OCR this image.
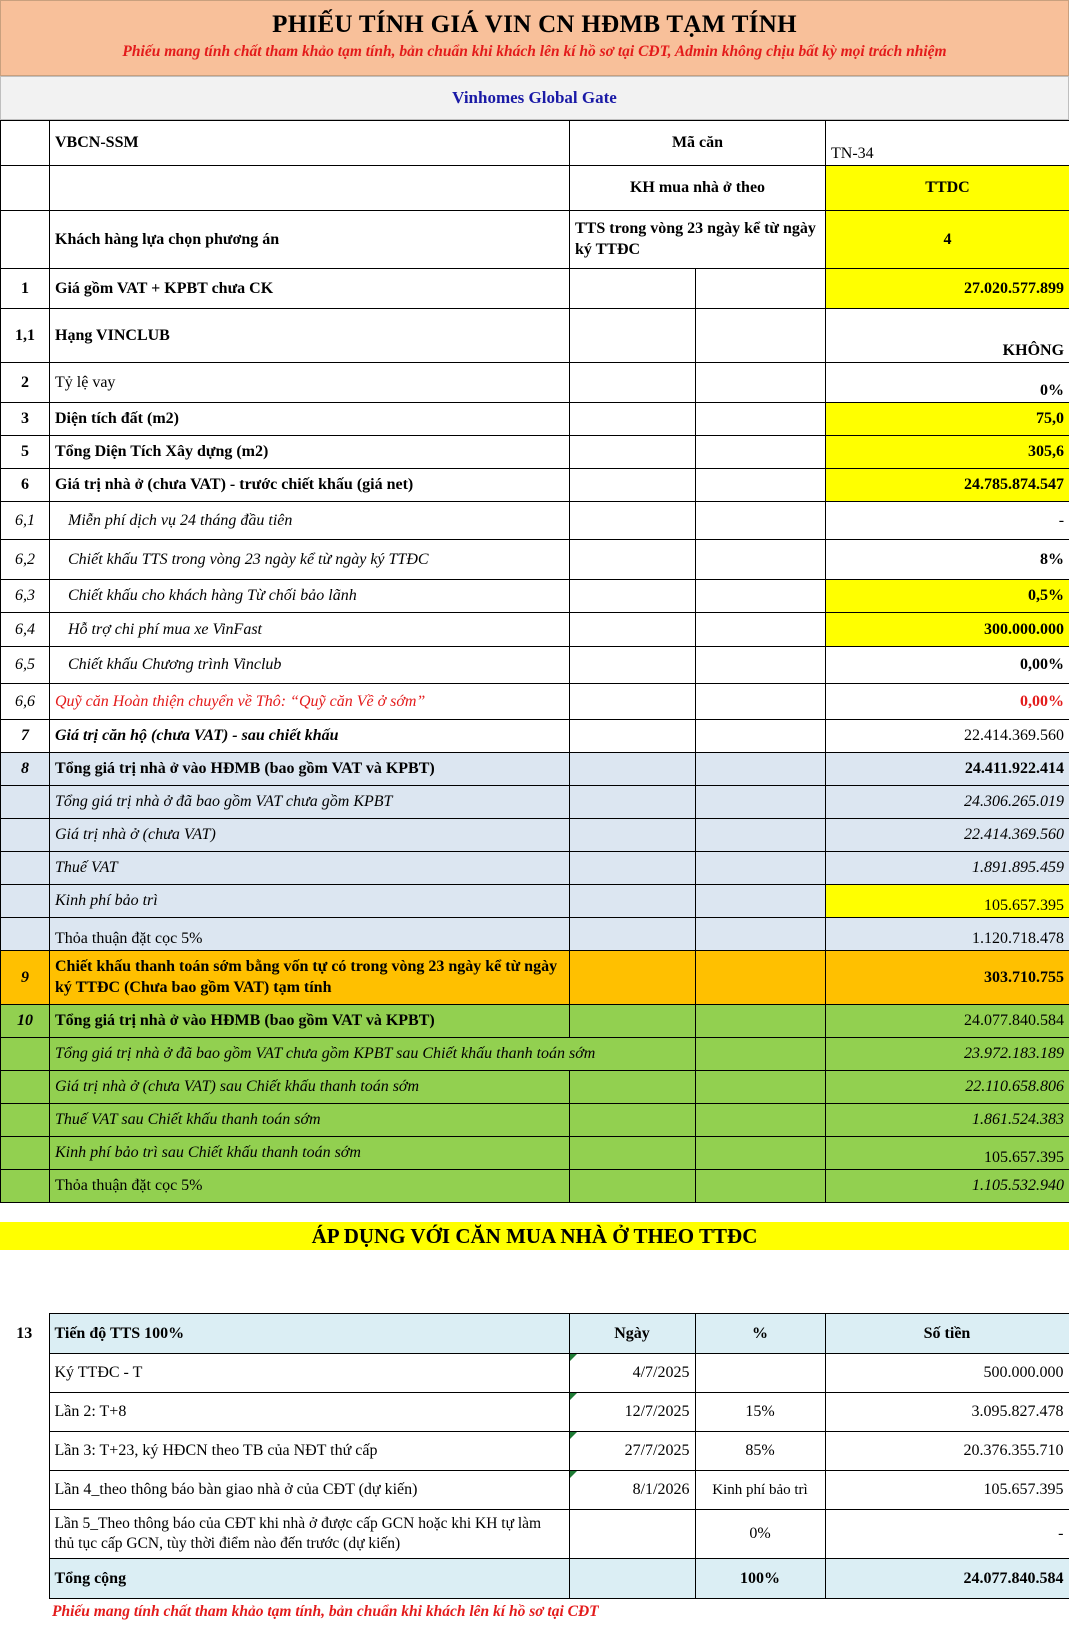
PHIẾU TÍNH GIÁ VIN CN HĐMB TẠM TÍNH
Phiếu mang tính chất tham khảo tạm tính, bản chuẩn khi khách lên kí hồ sơ tại CĐT, Admin không chịu bất kỳ mọi trách nhiệm
Vinhomes Global Gate
	VBCN-SSM	Mã căn		TN-34
		KH mua nhà ở theo		TTDC
	Khách hàng lựa chọn phương án	TTS trong vòng 23 ngày kể từ ngày ký TTĐC		4
1	Giá gồm VAT + KPBT chưa CK			27.020.577.899
1,1	Hạng VINCLUB			KHÔNG
2	Tỷ lệ vay			0%
3	Diện tích đất (m2)			75,0
5	Tổng Diện Tích Xây dựng (m2)			305,6
6	Giá trị nhà ở (chưa VAT) - trước chiết khấu (giá net)			24.785.874.547
6,1	Miễn phí dịch vụ 24 tháng đầu tiên			-
6,2	Chiết khấu TTS trong vòng 23 ngày kể từ ngày ký TTĐC			8%
6,3	Chiết khấu cho khách hàng Từ chối bảo lãnh			0,5%
6,4	Hỗ trợ chi phí mua xe VinFast			300.000.000
6,5	Chiết khấu Chương trình Vinclub			0,00%
6,6	Quỹ căn Hoàn thiện chuyển về Thô: “Quỹ căn Về ở sớm”			0,00%
7	Giá trị căn hộ (chưa VAT) - sau chiết khấu			22.414.369.560
8	Tổng giá trị nhà ở vào HĐMB (bao gồm VAT và KPBT)			24.411.922.414
	Tổng giá trị nhà ở đã bao gồm VAT chưa gồm KPBT			24.306.265.019
	Giá trị nhà ở (chưa VAT)			22.414.369.560
	Thuế VAT			1.891.895.459
	Kinh phí bảo trì			105.657.395
	Thỏa thuận đặt cọc 5%			1.120.718.478
9	Chiết khấu thanh toán sớm bằng vốn tự có trong vòng 23 ngày kể từ ngày ký TTĐC (Chưa bao gồm VAT) tạm tính			303.710.755
10	Tổng giá trị nhà ở vào HĐMB (bao gồm VAT và KPBT)			24.077.840.584
	Tổng giá trị nhà ở đã bao gồm VAT chưa gồm KPBT sau Chiết khấu thanh toán sớm			23.972.183.189
	Giá trị nhà ở (chưa VAT) sau Chiết khấu thanh toán sớm			22.110.658.806
	Thuế VAT sau Chiết khấu thanh toán sớm			1.861.524.383
	Kinh phí bảo trì sau Chiết khấu thanh toán sớm			105.657.395
	Thỏa thuận đặt cọc 5%			1.105.532.940
ÁP DỤNG VỚI CĂN MUA NHÀ Ở THEO TTĐC
13	Tiến độ TTS 100%	Ngày	%	Số tiền
	Ký TTĐC - T	4/7/2025		500.000.000
	Lần 2: T+8	12/7/2025	15%	3.095.827.478
	Lần 3: T+23, ký HĐCN theo TB của NĐT thứ cấp	27/7/2025	85%	20.376.355.710
	Lần 4_theo thông báo bàn giao nhà ở của CĐT (dự kiến)	8/1/2026	Kinh phí bảo trì	105.657.395
	Lần 5_Theo thông báo của CĐT khi nhà ở được cấp GCN hoặc khi KH tự làm thủ tục cấp GCN, tùy thời điểm nào đến trước (dự kiến)		0%	-
	Tổng cộng		100%	24.077.840.584
Phiếu mang tính chất tham khảo tạm tính, bản chuẩn khi khách lên kí hồ sơ tại CĐT
